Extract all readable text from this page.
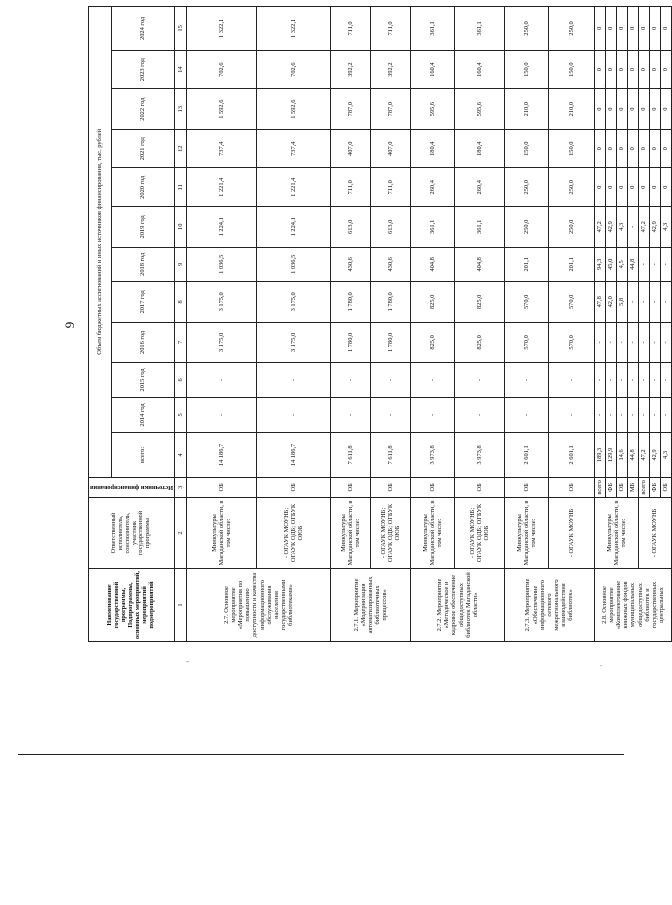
.
-	.
9
Наименование государственной программы, Подпрограммы, основных мероприятий, мероприятий подмероприятий	Ответственный исполнитель, соисполнитель, участник государственной программы	Источники финансирования	Объем бюджетных ассигнований и иных источников финансирования, тыс. рублей											
			всего:	2014 год	2015 год	2016 год	2017 год	2018 год	2019 год	2020 год	2021 год	2022 год	2023 год	2024 год
1	2	3	4	5	6	7	8	9	10	11	12	13	14	15
2.7. Основное мероприятие «Мероприятия по повышению доступности и качества информационного обслуживания населения государственными библиотеками»	Минкультуры Магаданской области, в том числе:	ОБ	14 186,7	-	-	3 175,0	3 175,0	1 036,5	1 224,1	1 221,4	737,4	1 592,6	702,6	1 322,1
	- ОГАУК МОУНБ; ОГАУК ОДБ; ОГБУК ОЮБ	ОБ	14 186,7	-	-	3 175,0	3 175,0	1 036,5	1 224,1	1 221,4	737,4	1 592,6	702,6	1 322,1
2.7.1. Мероприятие «Модернизация автоматизированных библиотечных процессов»	Минкультуры Магаданской области, в том числе:	ОБ	7 611,8	-	-	1 780,0	1 780,0	430,6	613,0	711,0	407,0	787,0	392,2	711,0
	- ОГАУК МОУНБ; ОГАУК ОДБ; ОГБУК ОЮБ	ОБ	7 611,8	-	-	1 780,0	1 780,0	430,6	613,0	711,0	407,0	787,0	392,2	711,0
2.7.2. Мероприятие «Методическое и кадровое обеспечение общедоступных библиотек Магаданской области»	Минкультуры Магаданской области, в том числе:	ОБ	3 973,8	-	-	825,0	825,0	404,8	361,1	260,4	180,4	595,6	160,4	361,1
	- ОГАУК МОУНБ; ОГАУК ОДБ; ОГБУК ОЮБ	ОБ	3 973,8	-	-	825,0	825,0	404,8	361,1	260,4	180,4	595,6	160,4	361,1
2.7.3. Мероприятие «Обеспечение информационного сетевого межрегионального взаимодействия библиотек»	Минкультуры Магаданской области, в том числе:	ОБ	2 601,1	-	-	570,0	570,0	201,1	250,0	250,0	150,0	210,0	150,0	250,0
	- ОГАУК МОУНБ	ОБ	2 601,1	-	-	570,0	570,0	201,1	250,0	250,0	150,0	210,0	150,0	250,0
2.8. Основное мероприятие «Комплектование книжных фондов муниципальных общедоступных библиотек и государственных центральных	Минкультуры Магаданской области, в том числе:	всего	189,3	-	-	-	47,8	94,3	47,2	0	0	0	0	0
		ФБ	129,9	-	-	-	42,0	45,0	42,9	0	0	0	0	0
		ОБ	14,6	-	-	-	5,8	4,5	4,3	0	0	0	0	0
		МБ	44,8	-	-	-	-	44,8	-	0	0	0	0	0
	- ОГАУК МОУНБ	всего	47,2	-	-	-	-	-	47,2	0	0	0	0	0
		ФБ	42,9	-	-	-	-	-	42,9	0	0	0	0	0
		ОБ	4,3	-	-	-	-	-	4,3	0	0	0	0	0
